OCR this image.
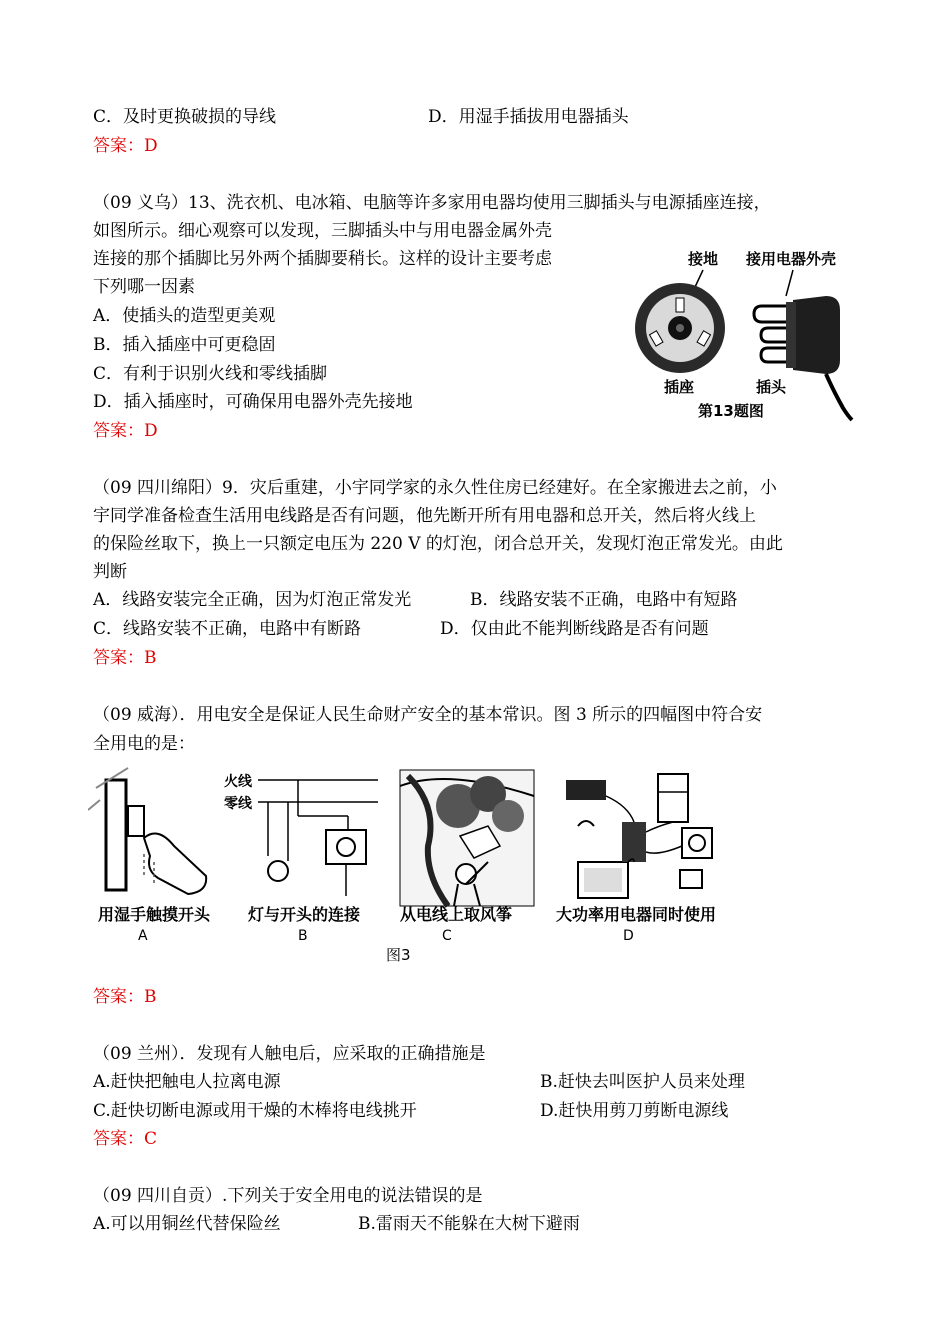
C．及时更换破损的导线	D．用湿手插拔用电器插头
答案：D
（09 义乌）13、洗衣机、电冰箱、电脑等许多家用电器均使用三脚插头与电源插座连接，
如图所示。细心观察可以发现，三脚插头中与用电器金属外壳
连接的那个插脚比另外两个插脚要稍长。这样的设计主要考虑
下列哪一因素
A．使插头的造型更美观
B．插入插座中可更稳固
C．有利于识别火线和零线插脚
D．插入插座时，可确保用电器外壳先接地
答案：D
接地 接用电器外壳
插座	插头
第13题图
（09 四川绵阳）9．灾后重建，小宇同学家的永久性住房已经建好。在全家搬进去之前，小
宇同学准备检查生活用电线路是否有问题，他先断开所有用电器和总开关，然后将火线上
的保险丝取下，换上一只额定电压为 220 V 的灯泡，闭合总开关，发现灯泡正常发光。由此
判断
A．线路安装完全正确，因为灯泡正常发光	B．线路安装不正确，电路中有短路
C．线路安装不正确，电路中有断路	D．仅由此不能判断线路是否有问题
答案：B
（09 威海）．用电安全是保证人民生命财产安全的基本常识。图 3 所示的四幅图中符合安
全用电的是：
火线
零线
用湿手触摸开头 灯与开头的连接 从电线上取风筝	大功率用电器同时使用
A	B	C	D
图3
答案：B
（09 兰州）．发现有人触电后，应采取的正确措施是
A.赶快把触电人拉离电源	B.赶快去叫医护人员来处理
C.赶快切断电源或用干燥的木棒将电线挑开	D.赶快用剪刀剪断电源线
答案：C
（09 四川自贡）.下列关于安全用电的说法错误的是
A.可以用铜丝代替保险丝	B.雷雨天不能躲在大树下避雨
